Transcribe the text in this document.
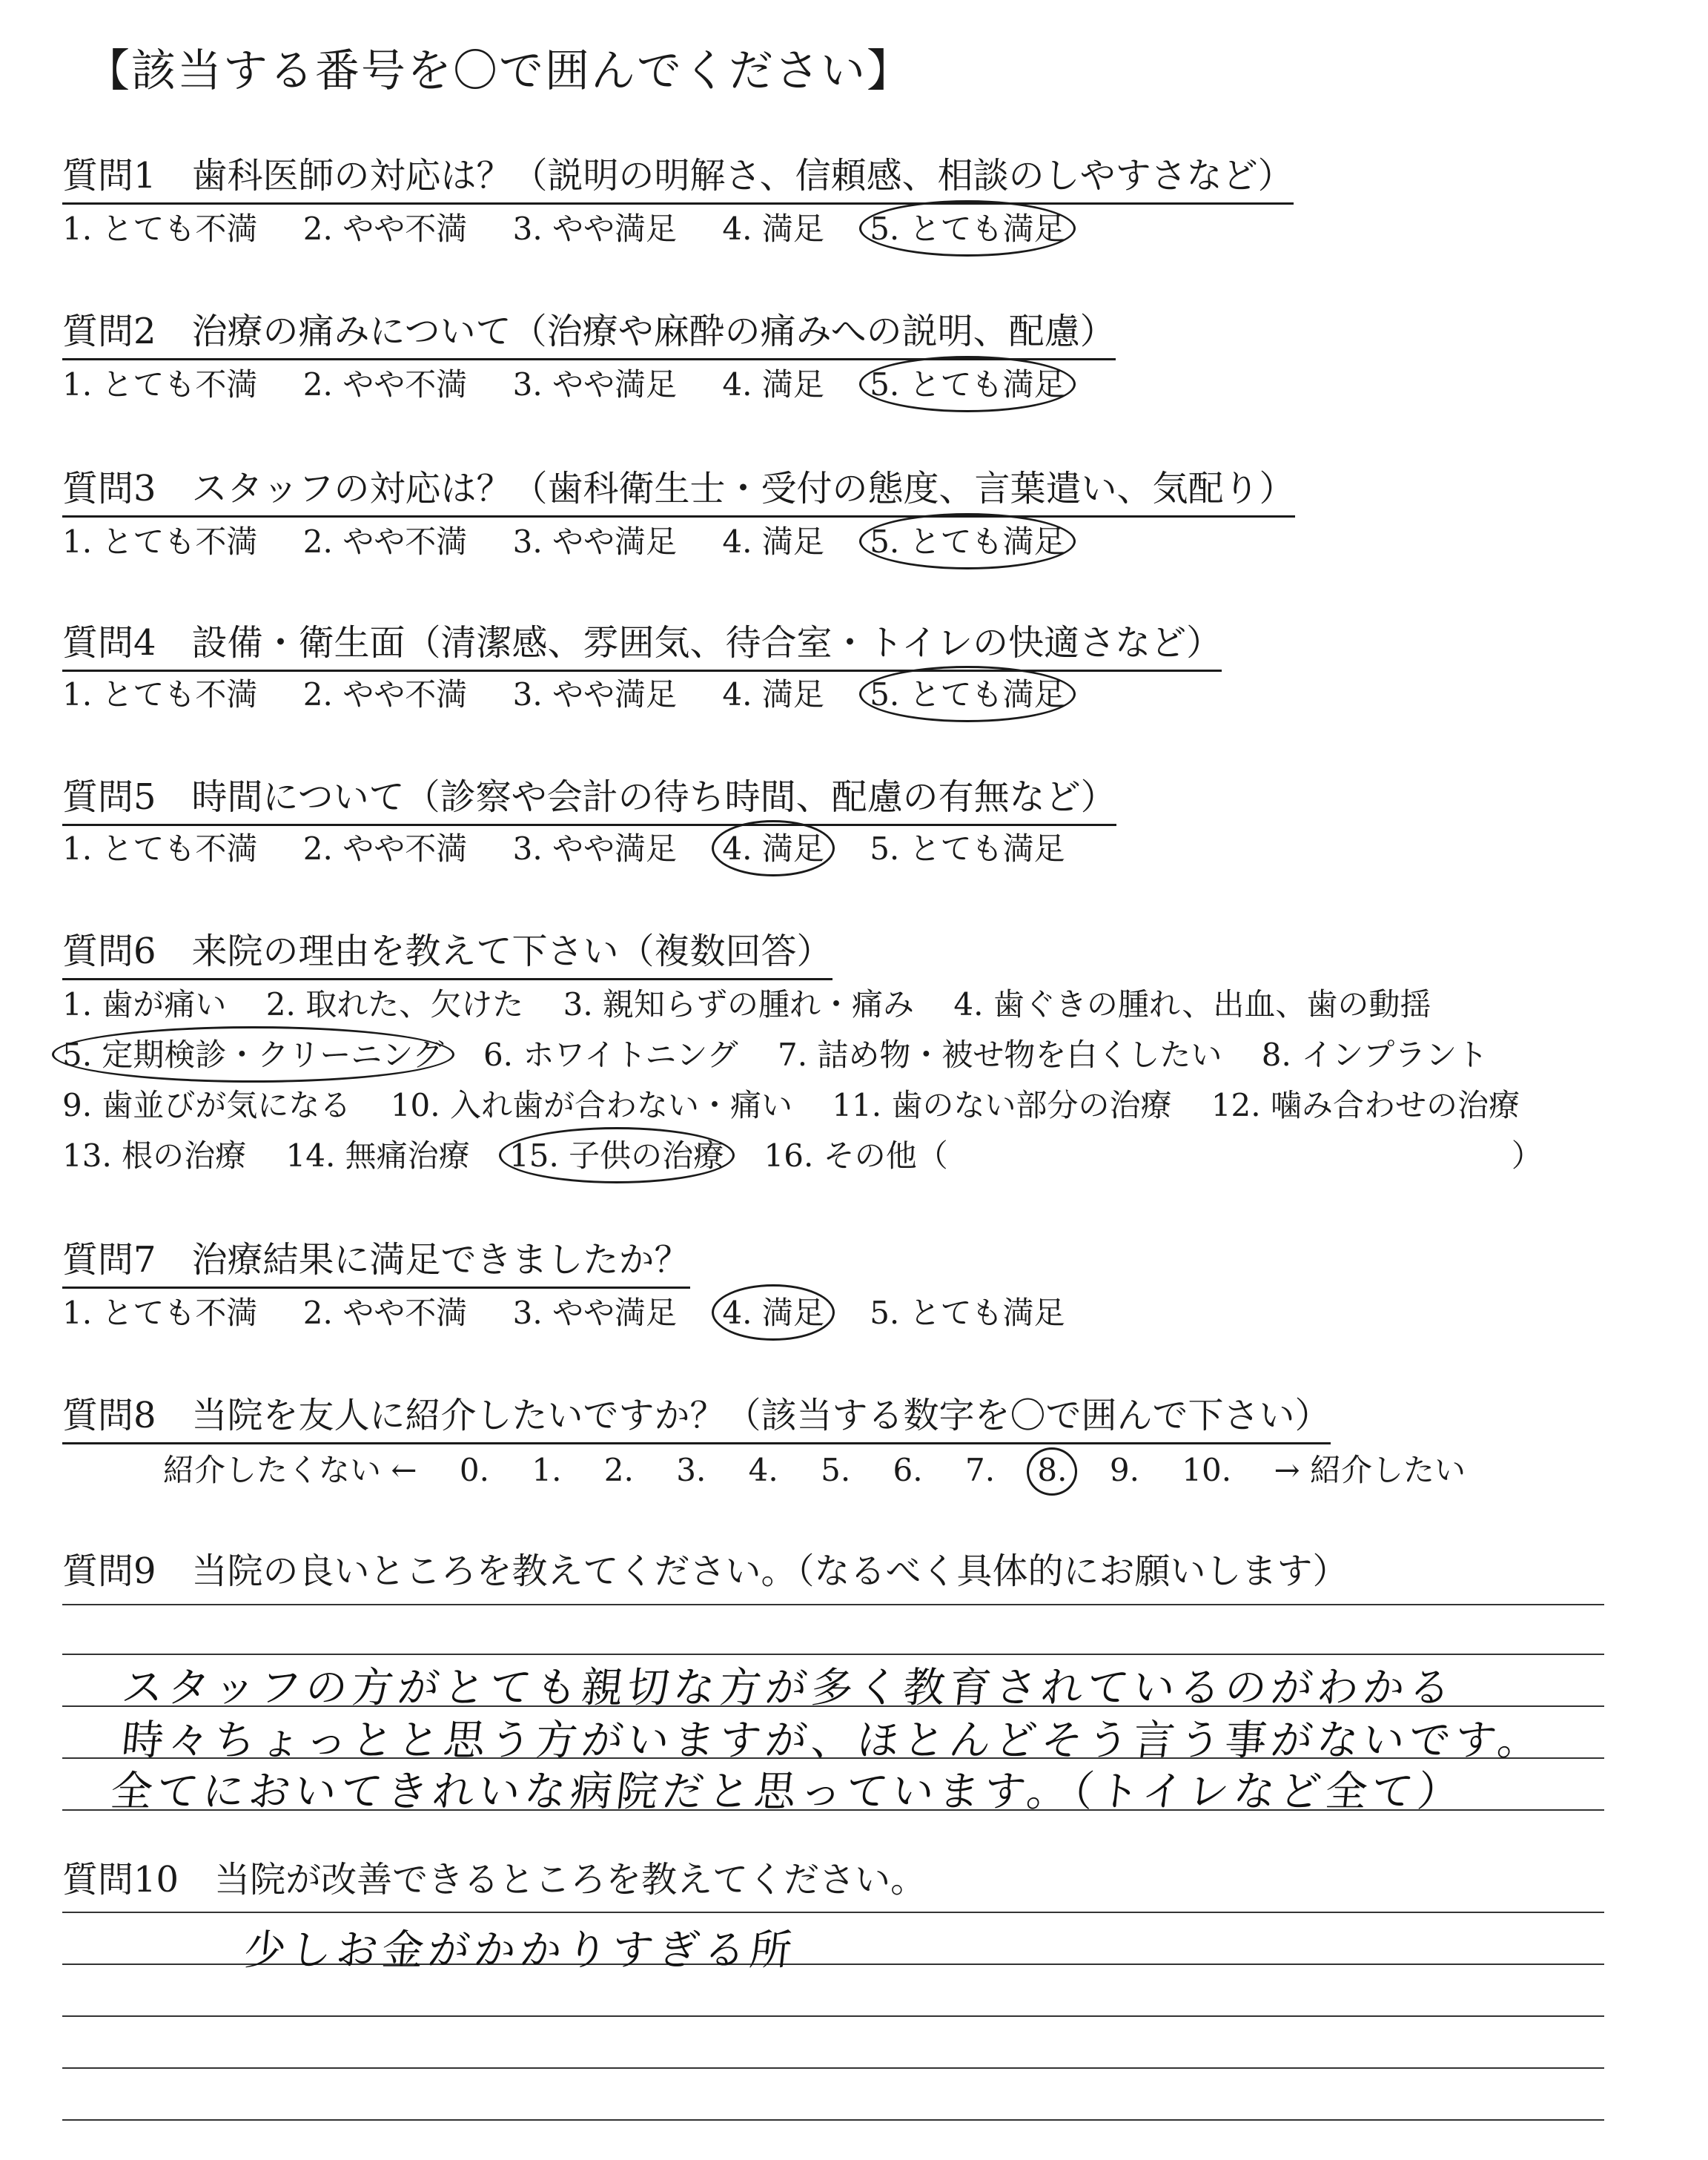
【該当する番号を〇で囲んでください】
質問1　歯科医師の対応は？（説明の明解さ、信頼感、相談のしやすさなど）
1. とても不満 2. やや不満 3. やや満足 4. 満足 5. とても満足
質問2　治療の痛みについて（治療や麻酔の痛みへの説明、配慮）
1. とても不満 2. やや不満 3. やや満足 4. 満足 5. とても満足
質問3　スタッフの対応は？（歯科衛生士・受付の態度、言葉遣い、気配り）
1. とても不満 2. やや不満 3. やや満足 4. 満足 5. とても満足
質問4　設備・衛生面（清潔感、雰囲気、待合室・トイレの快適さなど）
1. とても不満 2. やや不満 3. やや満足 4. 満足 5. とても満足
質問5　時間について（診察や会計の待ち時間、配慮の有無など）
1. とても不満 2. やや不満 3. やや満足 4. 満足 5. とても満足
質問6　来院の理由を教えて下さい（複数回答）
1. 歯が痛い 2. 取れた、欠けた 3. 親知らずの腫れ・痛み 4. 歯ぐきの腫れ、出血、歯の動揺
5. 定期検診・クリーニング 6. ホワイトニング 7. 詰め物・被せ物を白くしたい 8. インプラント
9. 歯並びが気になる 10. 入れ歯が合わない・痛い 11. 歯のない部分の治療 12. 噛み合わせの治療
13. 根の治療 14. 無痛治療 15. 子供の治療 16. その他（	）
質問7　治療結果に満足できましたか？
1. とても不満 2. やや不満 3. やや満足 4. 満足 5. とても満足
質問8　当院を友人に紹介したいですか？（該当する数字を〇で囲んで下さい）
紹介したくない ← 0. 1. 2. 3. 4. 5. 6. 7. 8. 9. 10. → 紹介したい
質問9　当院の良いところを教えてください。（なるべく具体的にお願いします）
スタッフの方がとても親切な方が多く教育されているのがわかる
時々ちょっとと思う方がいますが、ほとんどそう言う事がないです。
全てにおいてきれいな病院だと思っています。（トイレなど全て）
質問10　当院が改善できるところを教えてください。
少しお金がかかりすぎる所
